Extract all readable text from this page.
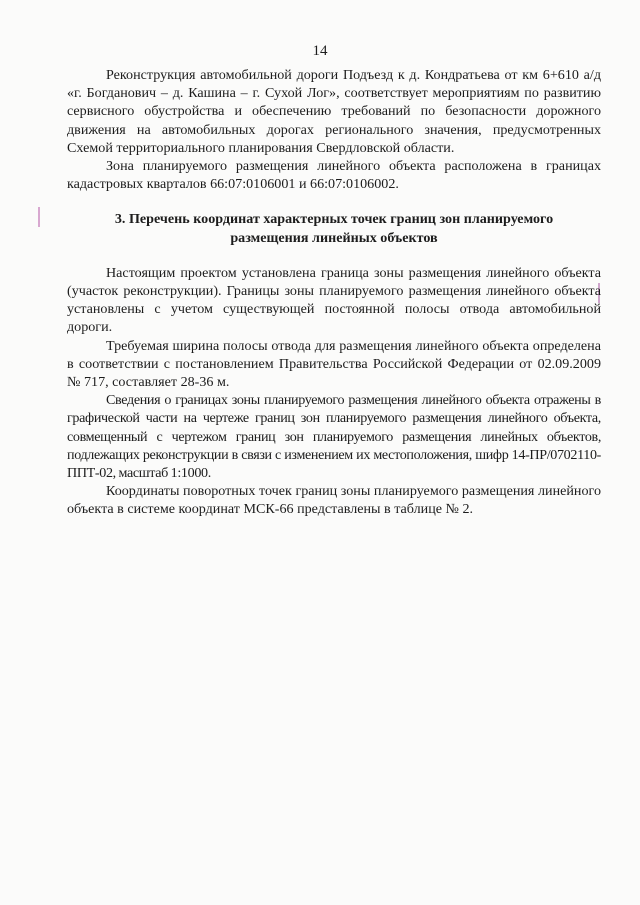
14

Реконструкция автомобильной дороги Подъезд к д. Кондратьева от км 6+610 а/д «г. Богданович – д. Кашина – г. Сухой Лог», соответствует мероприятиям по развитию сервисного обустройства и обеспечению требований по безопасности дорожного движения на автомобильных дорогах регионального значения, предусмотренных Схемой территориального планирования Свердловской области.

Зона планируемого размещения линейного объекта расположена в границах кадастровых кварталов 66:07:0106001 и 66:07:0106002.

3. Перечень координат характерных точек границ зон планируемого размещения линейных объектов

Настоящим проектом установлена граница зоны размещения линейного объекта (участок реконструкции). Границы зоны планируемого размещения линейного объекта установлены с учетом существующей постоянной полосы отвода автомобильной дороги.

Требуемая ширина полосы отвода для размещения линейного объекта определена в соответствии с постановлением Правительства Российской Федерации от 02.09.2009 № 717, составляет 28-36 м.

Сведения о границах зоны планируемого размещения линейного объекта отражены в графической части на чертеже границ зон планируемого размещения линейного объекта, совмещенный с чертежом границ зон планируемого размещения линейных объектов, подлежащих реконструкции в связи с изменением их местоположения, шифр 14-ПР/0702110-ППТ-02, масштаб 1:1000.

Координаты поворотных точек границ зоны планируемого размещения линейного объекта в системе координат МСК-66 представлены в таблице № 2.
